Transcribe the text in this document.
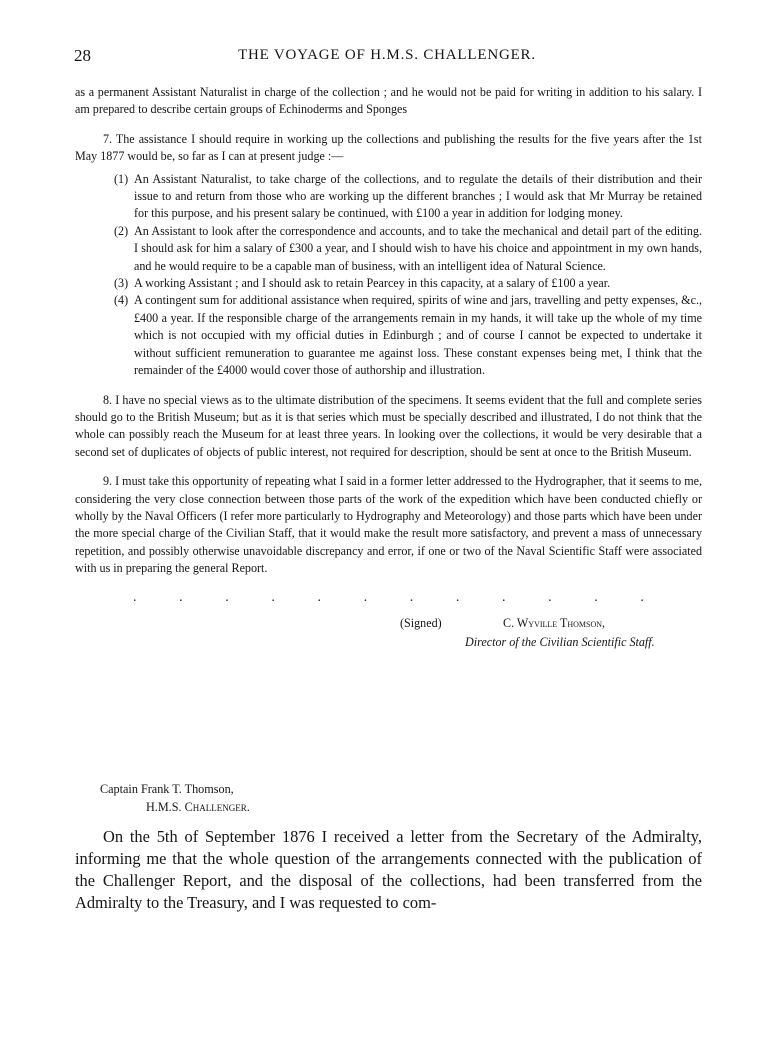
28	THE VOYAGE OF H.M.S. CHALLENGER.

as a permanent Assistant Naturalist in charge of the collection ; and he would not be paid for writing in addition to his salary. I am prepared to describe certain groups of Echinoderms and Sponges

7. The assistance I should require in working up the collections and publishing the results for the five years after the 1st May 1877 would be, so far as I can at present judge :—

(1) An Assistant Naturalist, to take charge of the collections, and to regulate the details of their distribution and their issue to and return from those who are working up the different branches ; I would ask that Mr Murray be retained for this purpose, and his present salary be continued, with £100 a year in addition for lodging money.
(2) An Assistant to look after the correspondence and accounts, and to take the mechanical and detail part of the editing. I should ask for him a salary of £300 a year, and I should wish to have his choice and appointment in my own hands, and he would require to be a capable man of business, with an intelligent idea of Natural Science.
(3) A working Assistant ; and I should ask to retain Pearcey in this capacity, at a salary of £100 a year.
(4) A contingent sum for additional assistance when required, spirits of wine and jars, travelling and petty expenses, &c., £400 a year. If the responsible charge of the arrangements remain in my hands, it will take up the whole of my time which is not occupied with my official duties in Edinburgh ; and of course I cannot be expected to undertake it without sufficient remuneration to guarantee me against loss. These constant expenses being met, I think that the remainder of the £4000 would cover those of authorship and illustration.

8. I have no special views as to the ultimate distribution of the specimens. It seems evident that the full and complete series should go to the British Museum; but as it is that series which must be specially described and illustrated, I do not think that the whole can possibly reach the Museum for at least three years. In looking over the collections, it would be very desirable that a second set of duplicates of objects of public interest, not required for description, should be sent at once to the British Museum.

9. I must take this opportunity of repeating what I said in a former letter addressed to the Hydrographer, that it seems to me, considering the very close connection between those parts of the work of the expedition which have been conducted chiefly or wholly by the Naval Officers (I refer more particularly to Hydrography and Meteorology) and those parts which have been under the more special charge of the Civilian Staff, that it would make the result more satisfactory, and prevent a mass of unnecessary repetition, and possibly otherwise unavoidable discrepancy and error, if one or two of the Naval Scientific Staff were associated with us in preparing the general Report.

.	.	.	.	.	.	.	.	.	.	.	.
(Signed)	C. Wyville Thomson,
Director of the Civilian Scientific Staff.
Captain Frank T. Thomson,
H.M.S. Challenger.

On the 5th of September 1876 I received a letter from the Secretary of the Admiralty, informing me that the whole question of the arrangements connected with the publication of the Challenger Report, and the disposal of the collections, had been transferred from the Admiralty to the Treasury, and I was requested to com-
